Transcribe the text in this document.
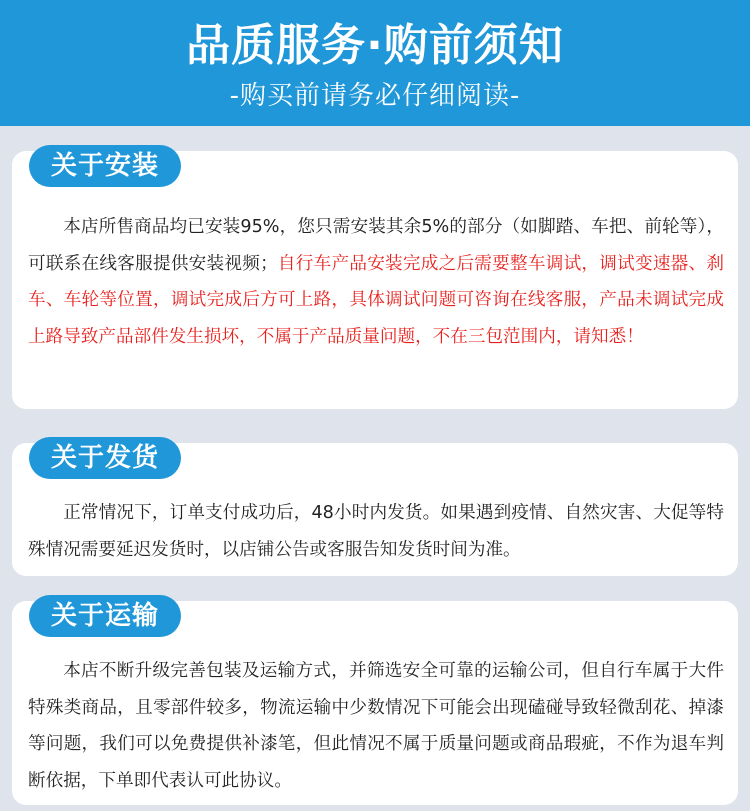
品质服务·购前须知
-购买前请务必仔细阅读-
关于安装
本店所售商品均已安装95%，您只需安装其余5%的部分（如脚踏、车把、前轮等），可联系在线客服提供安装视频；自行车产品安装完成之后需要整车调试，调试变速器、刹车、车轮等位置，调试完成后方可上路，具体调试问题可咨询在线客服，产品未调试完成上路导致产品部件发生损坏，不属于产品质量问题，不在三包范围内，请知悉！
关于发货
正常情况下，订单支付成功后，48小时内发货。如果遇到疫情、自然灾害、大促等特殊情况需要延迟发货时，以店铺公告或客服告知发货时间为准。
关于运输
本店不断升级完善包装及运输方式，并筛选安全可靠的运输公司，但自行车属于大件特殊类商品，且零部件较多，物流运输中少数情况下可能会出现磕碰导致轻微刮花、掉漆等问题，我们可以免费提供补漆笔，但此情况不属于质量问题或商品瑕疵，不作为退车判断依据，下单即代表认可此协议。
